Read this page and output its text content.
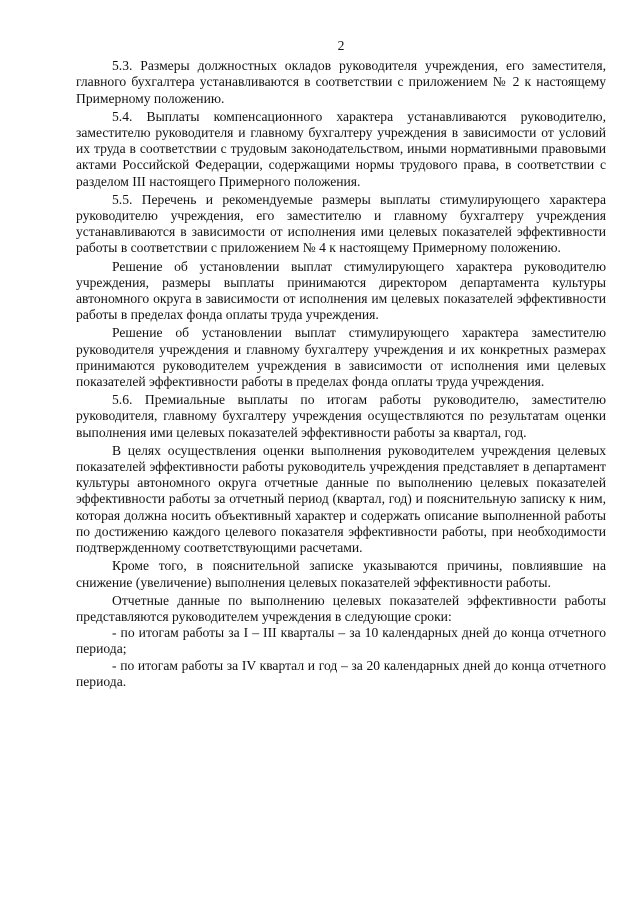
2

5.3. Размеры должностных окладов руководителя учреждения, его заместителя, главного бухгалтера устанавливаются в соответствии с приложением № 2 к настоящему Примерному положению.

5.4. Выплаты компенсационного характера устанавливаются руководителю, заместителю руководителя и главному бухгалтеру учреждения в зависимости от условий их труда в соответствии с трудовым законодательством, иными нормативными правовыми актами Российской Федерации, содержащими нормы трудового права, в соответствии с разделом III настоящего Примерного положения.

5.5. Перечень и рекомендуемые размеры выплаты стимулирующего характера руководителю учреждения, его заместителю и главному бухгалтеру учреждения устанавливаются в зависимости от исполнения ими целевых показателей эффективности работы в соответствии с приложением № 4 к настоящему Примерному положению.

Решение об установлении выплат стимулирующего характера руководителю учреждения, размеры выплаты принимаются директором департамента культуры автономного округа в зависимости от исполнения им целевых показателей эффективности работы в пределах фонда оплаты труда учреждения.

Решение об установлении выплат стимулирующего характера заместителю руководителя учреждения и главному бухгалтеру учреждения и их конкретных размерах принимаются руководителем учреждения в зависимости от исполнения ими целевых показателей эффективности работы в пределах фонда оплаты труда учреждения.

5.6. Премиальные выплаты по итогам работы руководителю, заместителю руководителя, главному бухгалтеру учреждения осуществляются по результатам оценки выполнения ими целевых показателей эффективности работы за квартал, год.

В целях осуществления оценки выполнения руководителем учреждения целевых показателей эффективности работы руководитель учреждения представляет в департамент культуры автономного округа отчетные данные по выполнению целевых показателей эффективности работы за отчетный период (квартал, год) и пояснительную записку к ним, которая должна носить объективный характер и содержать описание выполненной работы по достижению каждого целевого показателя эффективности работы, при необходимости подтвержденному соответствующими расчетами.

Кроме того, в пояснительной записке указываются причины, повлиявшие на снижение (увеличение) выполнения целевых показателей эффективности работы.

Отчетные данные по выполнению целевых показателей эффективности работы представляются руководителем учреждения в следующие сроки:

- по итогам работы за I – III кварталы – за 10 календарных дней до конца отчетного периода;

- по итогам работы за IV квартал и год – за 20 календарных дней до конца отчетного периода.
